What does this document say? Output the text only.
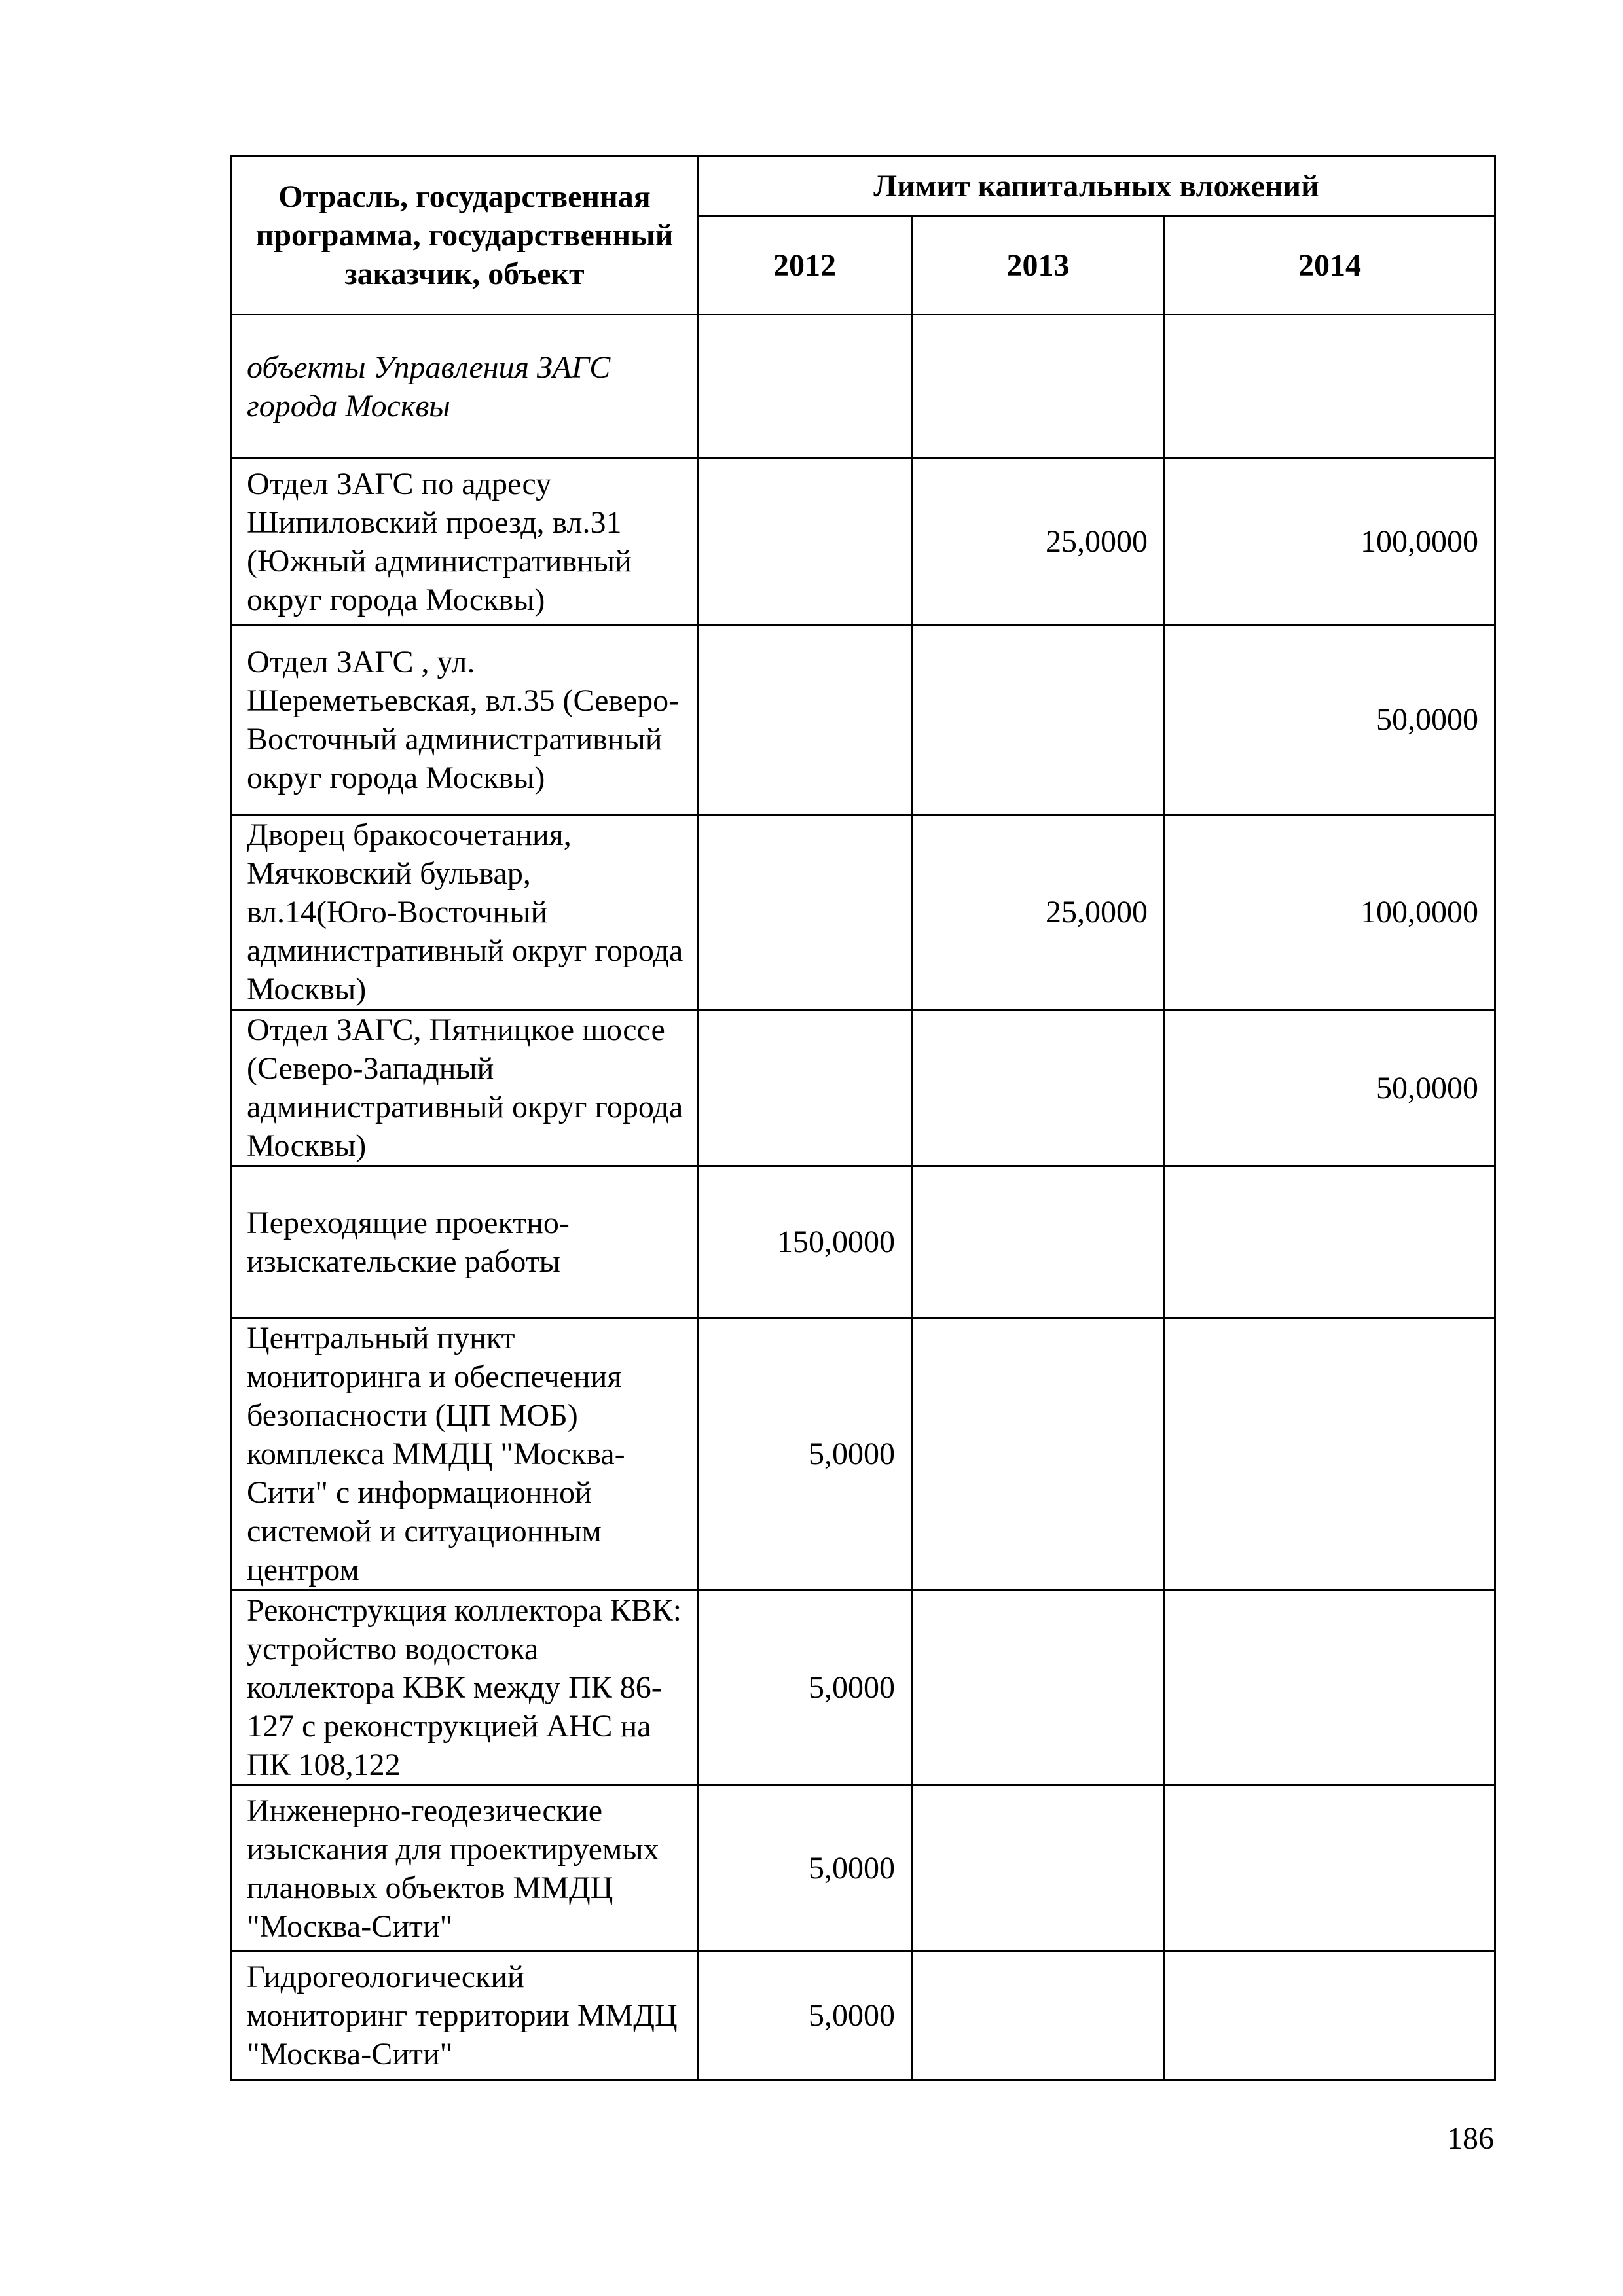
Отрасль, государственная программа, государственный заказчик, объект	Лимит капитальных вложений		
	2012	2013	2014
объекты Управления ЗАГС города Москвы			
Отдел ЗАГС по адресу Шипиловский проезд, вл.31 (Южный административный округ города Москвы)		25,0000	100,0000
Отдел ЗАГС , ул. Шереметьевская, вл.35 (Северо-Восточный административный округ города Москвы)			50,0000
Дворец бракосочетания, Мячковский бульвар, вл.14(Юго-Восточный административный округ города Москвы)		25,0000	100,0000
Отдел ЗАГС, Пятницкое шоссе (Северо-Западный административный округ города Москвы)			50,0000
Переходящие проектно-изыскательские работы	150,0000		
Центральный пункт мониторинга и обеспечения безопасности (ЦП МОБ) комплекса ММДЦ "Москва-Сити" с информационной системой и ситуационным центром	5,0000		
Реконструкция коллектора КВК: устройство водостока коллектора КВК между ПК 86-127 с реконструкцией АНС на ПК 108,122	5,0000		
Инженерно-геодезические изыскания для проектируемых плановых объектов ММДЦ "Москва-Сити"	5,0000		
Гидрогеологический мониторинг территории ММДЦ "Москва-Сити"	5,0000		
186
